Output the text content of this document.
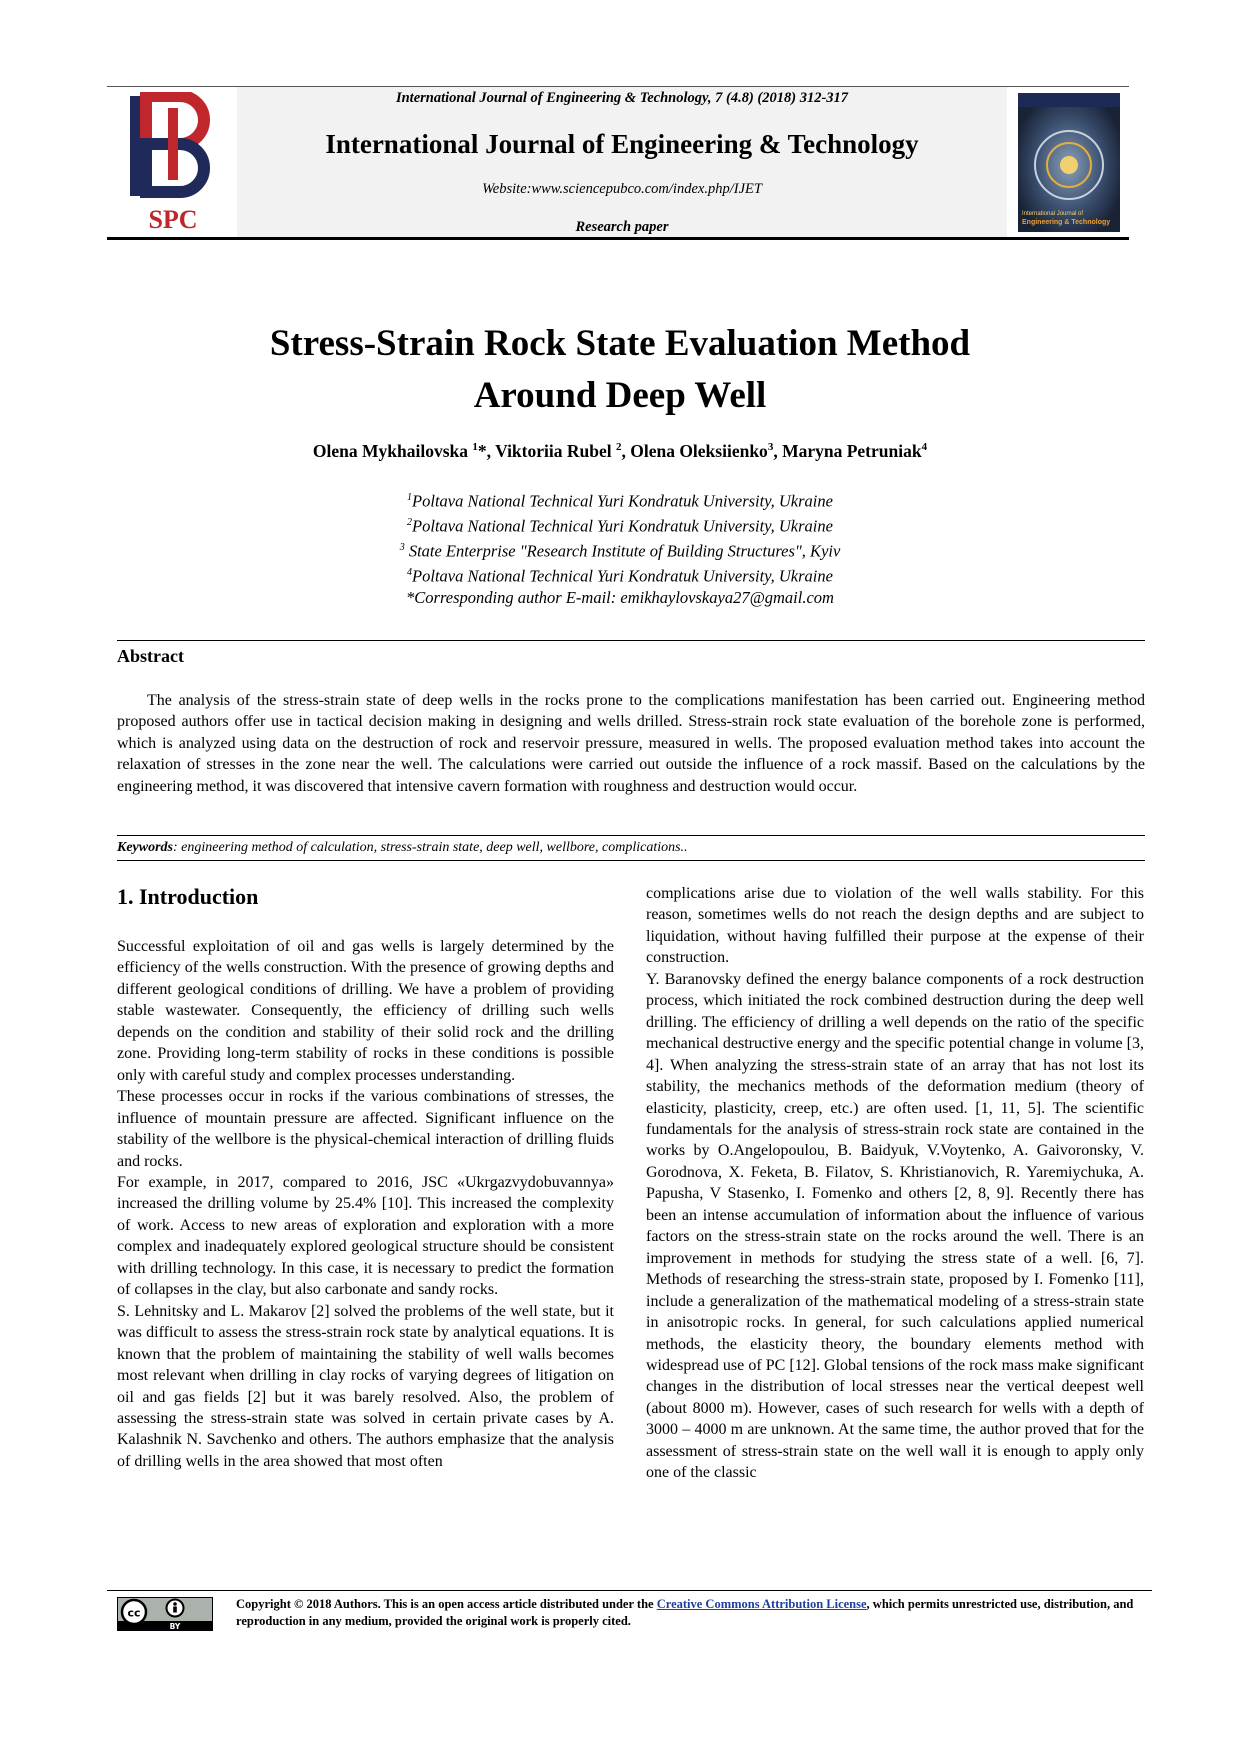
SPC
International Journal of Engineering & Technology, 7 (4.8) (2018) 312-317
International Journal of Engineering & Technology
Website:www.sciencepubco.com/index.php/IJET
Research paper
International Journal of
Engineering & Technology
Stress-Strain Rock State Evaluation Method
Around Deep Well
Olena Mykhailovska $^1$*, Viktoriia Rubel $^2$, Olena Oleksiienko$^3$, Maryna Petruniak$^4$
$^1$Poltava National Technical Yuri Kondratuk University, Ukraine
$^2$Poltava National Technical Yuri Kondratuk University, Ukraine
$^3$ State Enterprise "Research Institute of Building Structures", Kyiv
$^4$Poltava National Technical Yuri Kondratuk University, Ukraine
*Corresponding author E-mail: emikhaylovskaya27@gmail.com
Abstract
The analysis of the stress-strain state of deep wells in the rocks prone to the complications manifestation has been carried out. Engineering method proposed authors offer use in tactical decision making in designing and wells drilled. Stress-strain rock state evaluation of the borehole zone is performed, which is analyzed using data on the destruction of rock and reservoir pressure, measured in wells. The proposed evaluation method takes into account the relaxation of stresses in the zone near the well. The calculations were carried out outside the influence of a rock massif. Based on the calculations by the engineering method, it was discovered that intensive cavern formation with roughness and destruction would occur.
Keywords: engineering method of calculation, stress-strain state, deep well, wellbore, complications..
1. Introduction

Successful exploitation of oil and gas wells is largely determined by the efficiency of the wells construction. With the presence of growing depths and different geological conditions of drilling. We have a problem of providing stable wastewater. Consequently, the efficiency of drilling such wells depends on the condition and stability of their solid rock and the drilling zone. Providing long-term stability of rocks in these conditions is possible only with careful study and complex processes understanding.

These processes occur in rocks if the various combinations of stresses, the influence of mountain pressure are affected. Significant influence on the stability of the wellbore is the physical-chemical interaction of drilling fluids and rocks.

For example, in 2017, compared to 2016, JSC «Ukrgazvydobuvannya» increased the drilling volume by 25.4% [10]. This increased the complexity of work. Access to new areas of exploration and exploration with a more complex and inadequately explored geological structure should be consistent with drilling technology. In this case, it is necessary to predict the formation of collapses in the clay, but also carbonate and sandy rocks.

S. Lehnitsky and L. Makarov [2] solved the problems of the well state, but it was difficult to assess the stress-strain rock state by analytical equations. It is known that the problem of maintaining the stability of well walls becomes most relevant when drilling in clay rocks of varying degrees of litigation on oil and gas fields [2] but it was barely resolved. Also, the problem of assessing the stress-strain state was solved in certain private cases by A. Kalashnik N. Savchenko and others. The authors emphasize that the analysis of drilling wells in the area showed that most often

complications arise due to violation of the well walls stability. For this reason, sometimes wells do not reach the design depths and are subject to liquidation, without having fulfilled their purpose at the expense of their construction.

Y. Baranovsky defined the energy balance components of a rock destruction process, which initiated the rock combined destruction during the deep well drilling. The efficiency of drilling a well depends on the ratio of the specific mechanical destructive energy and the specific potential change in volume [3, 4]. When analyzing the stress-strain state of an array that has not lost its stability, the mechanics methods of the deformation medium (theory of elasticity, plasticity, creep, etc.) are often used. [1, 11, 5]. The scientific fundamentals for the analysis of stress-strain rock state are contained in the works by O.Angelopoulou, B. Baidyuk, V.Voytenko, A. Gaivoronsky, V. Gorodnova, X. Feketa, B. Filatov, S. Khristianovich, R. Yaremiychuka, A. Papusha, V Stasenko, I. Fomenko and others [2, 8, 9]. Recently there has been an intense accumulation of information about the influence of various factors on the stress-strain state on the rocks around the well. There is an improvement in methods for studying the stress state of a well. [6, 7]. Methods of researching the stress-strain state, proposed by I. Fomenko [11], include a generalization of the mathematical modeling of a stress-strain state in anisotropic rocks. In general, for such calculations applied numerical methods, the elasticity theory, the boundary elements method with widespread use of PC [12]. Global tensions of the rock mass make significant changes in the distribution of local stresses near the vertical deepest well (about 8000 m). However, cases of such research for wells with a depth of 3000 – 4000 m are unknown. At the same time, the author proved that for the assessment of stress-strain state on the well wall it is enough to apply only one of the classic

cc
BY
Copyright © 2018 Authors. This is an open access article distributed under the Creative Commons Attribution License, which permits unrestricted use, distribution, and reproduction in any medium, provided the original work is properly cited.
